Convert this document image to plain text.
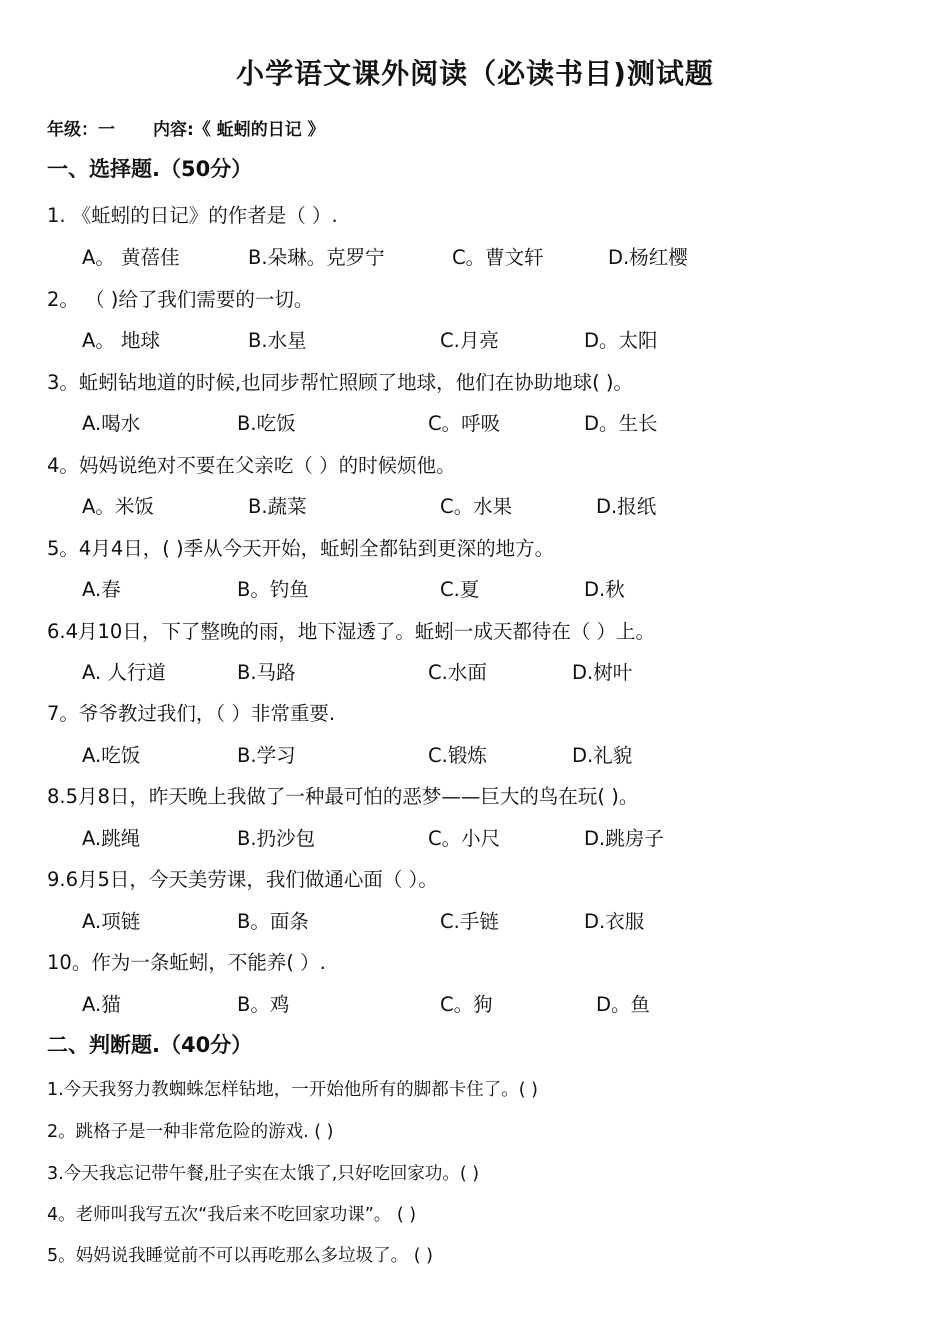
小学语文课外阅读（必读书目)测试题
年级：一 内容:《 蚯蚓的日记 》
一、选择题.（50分）
1. 《蚯蚓的日记》的作者是（ ）.
A。 黄蓓佳	B.朵琳。克罗宁	C。曹文轩	D.杨红樱
2。 （ )给了我们需要的一切。
A。 地球	B.水星	C.月亮	D。太阳
3。蚯蚓钻地道的时候,也同步帮忙照顾了地球，他们在协助地球( )。
A.喝水	B.吃饭	C。呼吸	D。生长
4。妈妈说绝对不要在父亲吃（ ）的时候烦他。
A。米饭	B.蔬菜	C。水果	D.报纸
5。4月4日，( )季从今天开始，蚯蚓全都钻到更深的地方。
A.春	B。钓鱼	C.夏	D.秋
6.4月10日，下了整晚的雨，地下湿透了。蚯蚓一成天都待在（ ）上。
A. 人行道	B.马路	C.水面	D.树叶
7。爷爷教过我们，（ ）非常重要.
A.吃饭	B.学习	C.锻炼	D.礼貌
8.5月8日，昨天晚上我做了一种最可怕的恶梦——巨大的鸟在玩( )。
A.跳绳	B.扔沙包	C。小尺	D.跳房子
9.6月5日，今天美劳课，我们做通心面（ ）。
A.项链	B。面条	C.手链	D.衣服
10。作为一条蚯蚓，不能养( ）.
A.猫	B。鸡	C。狗	D。鱼
二、判断题.（40分）
1.今天我努力教蜘蛛怎样钻地，一开始他所有的脚都卡住了。( )
2。跳格子是一种非常危险的游戏. ( )
3.今天我忘记带午餐,肚子实在太饿了,只好吃回家功。( )
4。老师叫我写五次“我后来不吃回家功课”。 ( )
5。妈妈说我睡觉前不可以再吃那么多垃圾了。 ( )
